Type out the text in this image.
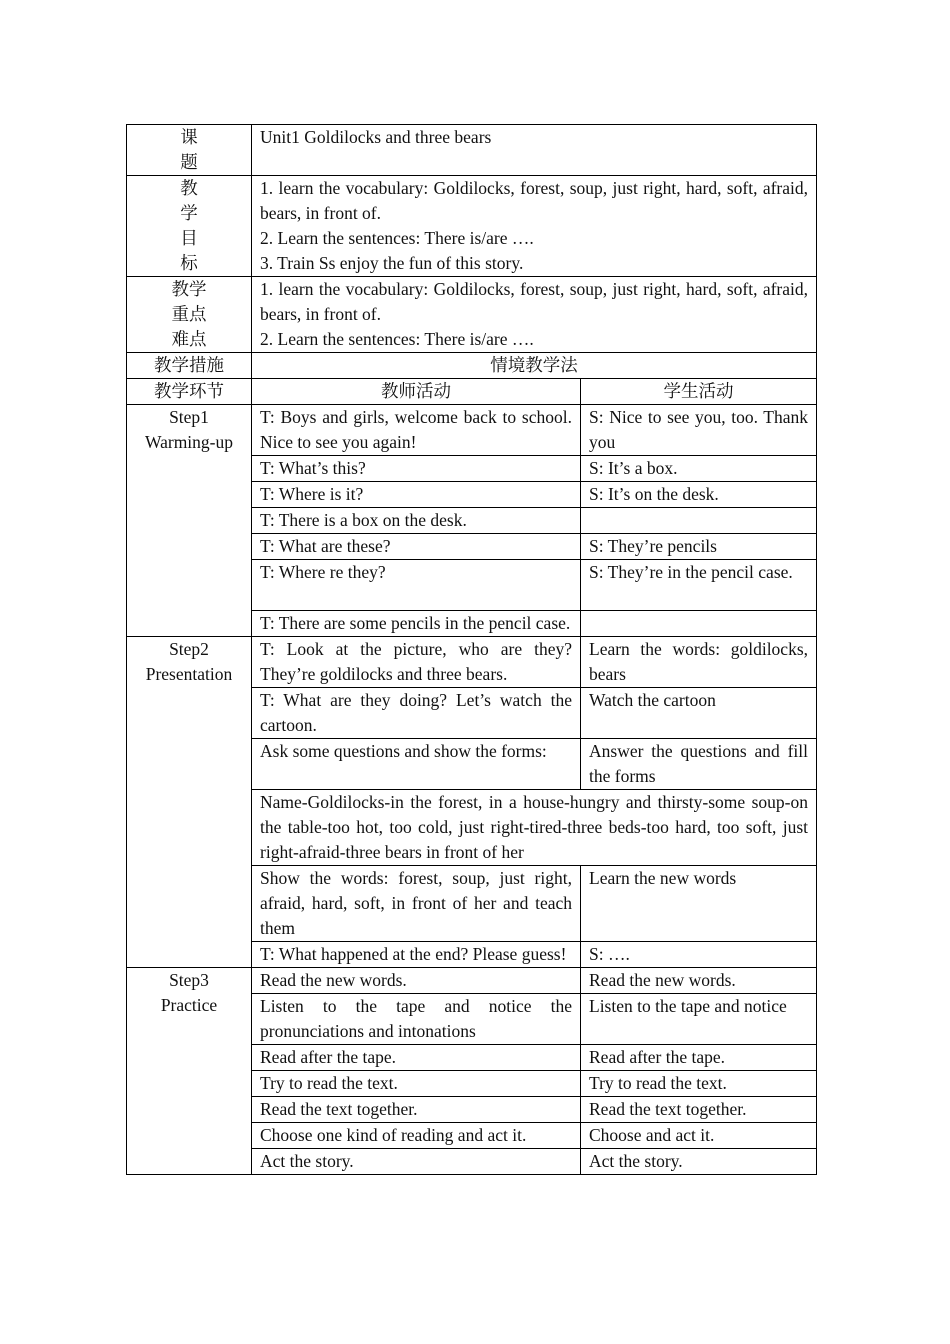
课
题	Unit1 Goldilocks and three bears	

教
学
目
标	1. learn the vocabulary: Goldilocks, forest, soup, just right, hard, soft, afraid, bears, in front of.
2. Learn the sentences: There is/are ….
3. Train Ss enjoy the fun of this story.	

教学
重点
难点	1. learn the vocabulary: Goldilocks, forest, soup, just right, hard, soft, afraid, bears, in front of.
2. Learn the sentences: There is/are ….	

教学措施	情境教学法	
教学环节	教师活动	学生活动

Step1
Warming-up	T: Boys and girls, welcome back to school. Nice to see you again!	S: Nice to see you, too. Thank you
	T: What’s this?	S: It’s a box.
	T: Where is it?	S: It’s on the desk.
	T: There is a box on the desk.	
	T: What are these?	S: They’re pencils
	T: Where re they?	S: They’re in the pencil case.
	T: There are some pencils in the pencil case.	

Step2
Presentation	T: Look at the picture, who are they? They’re goldilocks and three bears.	Learn the words: goldilocks, bears
	T: What are they doing? Let’s watch the cartoon.	Watch the cartoon
	Ask some questions and show the forms:	Answer the questions and fill the forms
	Name-Goldilocks-in the forest, in a house-hungry and thirsty-some soup-on the table-too hot, too cold, just right-tired-three beds-too hard, too soft, just right-afraid-three bears in front of her	
	Show the words: forest, soup, just right, afraid, hard, soft, in front of her and teach them	Learn the new words
	T: What happened at the end? Please guess!	S: ….

Step3
Practice	Read the new words.	Read the new words.
	Listen to the tape and notice the pronunciations and intonations	Listen to the tape and notice
	Read after the tape.	Read after the tape.
	Try to read the text.	Try to read the text.
	Read the text together.	Read the text together.
	Choose one kind of reading and act it.	Choose and act it.
	Act the story.	Act the story.
